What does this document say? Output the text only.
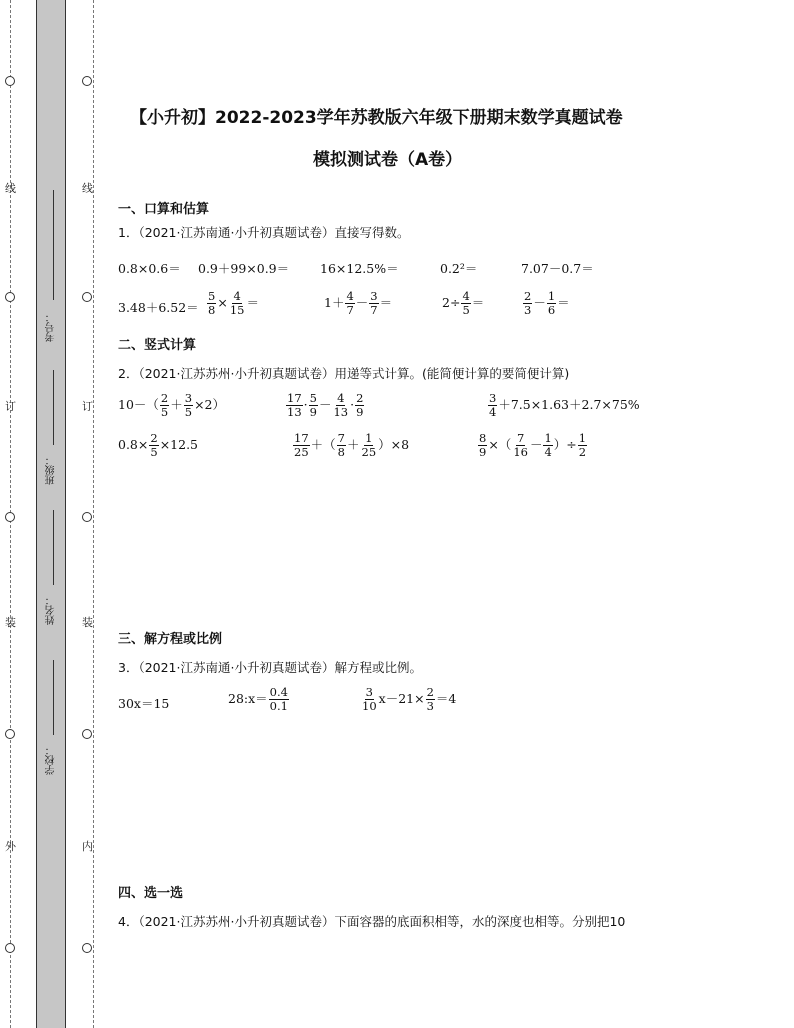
线
订
装
外
线
订
装
内
考号：
班级：
姓名：
学校：
【小升初】2022-2023学年苏教版六年级下册期末数学真题试卷
模拟测试卷（A卷）
一、口算和估算
1．（2021·江苏南通·小升初真题试卷）直接写得数。
0.8×0.6＝ 0.9＋99×0.9＝ 16×12.5%＝	0.2²＝	7.07－0.7＝
$3.48+6.52= \frac{5}{8} \times \frac{4}{15}$ ＝	$1+ \frac{4}{7} - \frac{3}{7}$ ＝	$2\div \frac{4}{5}$ ＝	$\frac{2}{3} - \frac{1}{6}$ ＝
二、竖式计算
2．（2021·江苏苏州·小升初真题试卷）用递等式计算。(能简便计算的要简便计算)
$10-( \frac{2}{5} + \frac{3}{5} \times 2)$	$\frac{17}{13} \cdot \frac{5}{9} - \frac{4}{13} \cdot \frac{2}{9}$	$\frac{3}{4} +7.5\times 1.63+2.7\times 75\%$
$0.8\times \frac{2}{5} \times 12.5$	$\frac{17}{25}$ ＋（ $\frac{7}{8} + \frac{1}{25} )\times 8$	$\frac{8}{9}$ ×（ $\frac{7}{16} - \frac{1}{4}$ ）÷ $\frac{1}{2}$
三、解方程或比例
3．（2021·江苏南通·小升初真题试卷）解方程或比例。
30x＝15	28:x＝ $\frac{0.4}{0.1}$	$\frac{3}{10} x-21\times \frac{2}{3} =4$
四、选一选
4．（2021·江苏苏州·小升初真题试卷）下面容器的底面积相等，水的深度也相等。分别把10
